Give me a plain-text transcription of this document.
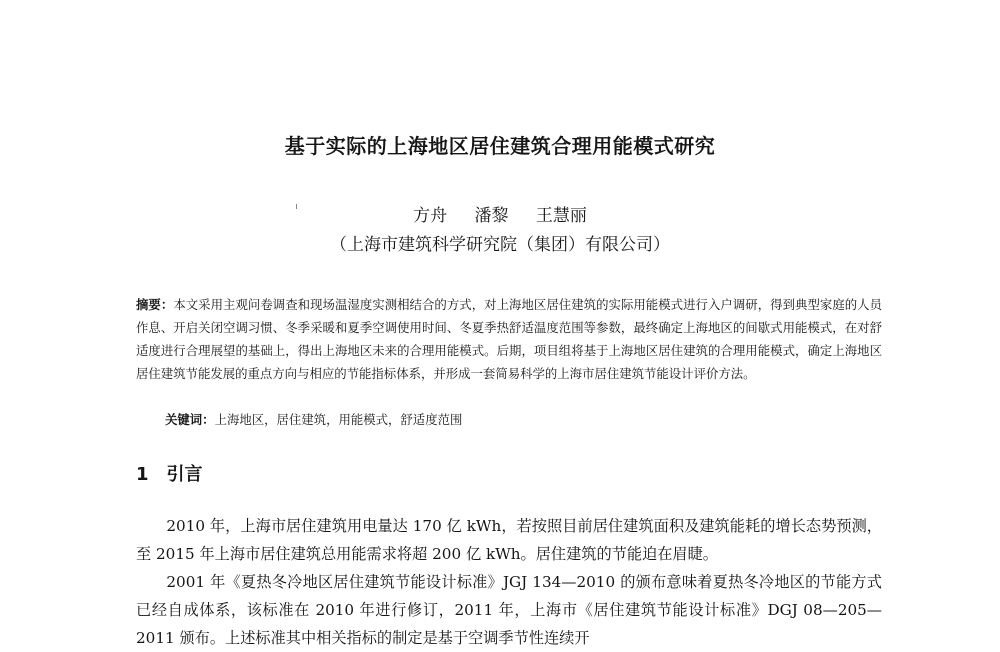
基于实际的上海地区居住建筑合理用能模式研究

方舟 潘黎 王慧丽

（上海市建筑科学研究院（集团）有限公司）

摘要：本文采用主观问卷调查和现场温湿度实测相结合的方式，对上海地区居住建筑的实际用能模式进行入户调研，得到典型家庭的人员作息、开启关闭空调习惯、冬季采暖和夏季空调使用时间、冬夏季热舒适温度范围等参数，最终确定上海地区的间歇式用能模式，在对舒适度进行合理展望的基础上，得出上海地区未来的合理用能模式。后期，项目组将基于上海地区居住建筑的合理用能模式，确定上海地区居住建筑节能发展的重点方向与相应的节能指标体系，并形成一套简易科学的上海市居住建筑节能设计评价方法。

关键词：上海地区，居住建筑，用能模式，舒适度范围

1 引言

2010 年，上海市居住建筑用电量达 170 亿 kWh，若按照目前居住建筑面积及建筑能耗的增长态势预测，至 2015 年上海市居住建筑总用能需求将超 200 亿 kWh。居住建筑的节能迫在眉睫。

2001 年《夏热冬冷地区居住建筑节能设计标准》JGJ 134—2010 的颁布意味着夏热冬冷地区的节能方式已经自成体系，该标准在 2010 年进行修订，2011 年，上海市《居住建筑节能设计标准》DGJ 08—205—2011 颁布。上述标准其中相关指标的制定是基于空调季节性连续开
